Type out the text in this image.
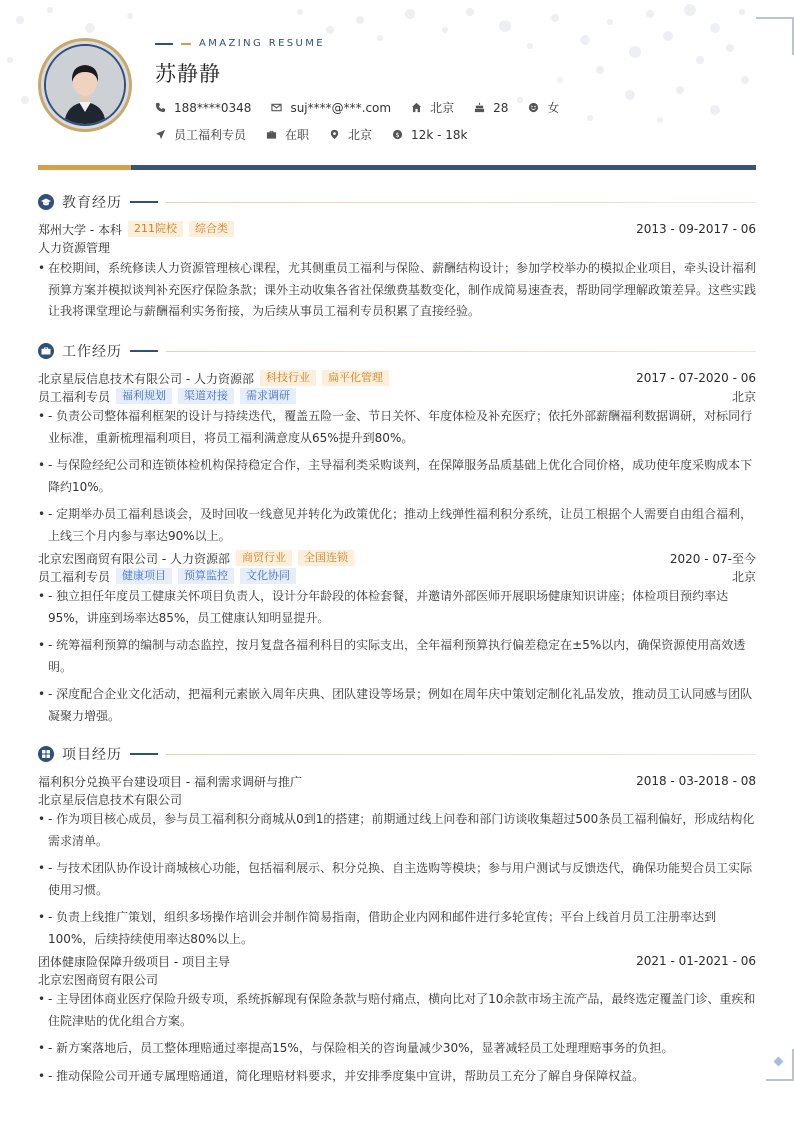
AMAZING RESUME
苏静静
188****0348	suj****@***.com	北京	28	女
员工福利专员	在职	北京	$ 12k - 18k
教育经历
郑州大学 - 本科	211院校	综合类	2013 - 09-2017 - 06
人力资源管理
• 在校期间，系统修读人力资源管理核心课程，尤其侧重员工福利与保险、薪酬结构设计；参加学校举办的模拟企业项目，牵头设计福利预算方案并模拟谈判补充医疗保险条款；课外主动收集各省社保缴费基数变化，制作成简易速查表，帮助同学理解政策差异。这些实践让我将课堂理论与薪酬福利实务衔接，为后续从事员工福利专员积累了直接经验。
工作经历
北京星辰信息技术有限公司 - 人力资源部	科技行业	扁平化管理	2017 - 07-2020 - 06
员工福利专员	福利规划	渠道对接	需求调研	北京
• - 负责公司整体福利框架的设计与持续迭代，覆盖五险一金、节日关怀、年度体检及补充医疗；依托外部薪酬福利数据调研，对标同行业标准，重新梳理福利项目，将员工福利满意度从65%提升到80%。
• - 与保险经纪公司和连锁体检机构保持稳定合作，主导福利类采购谈判，在保障服务品质基础上优化合同价格，成功使年度采购成本下降约10%。
• - 定期举办员工福利恳谈会，及时回收一线意见并转化为政策优化；推动上线弹性福利积分系统，让员工根据个人需要自由组合福利，上线三个月内参与率达90%以上。
北京宏图商贸有限公司 - 人力资源部	商贸行业	全国连锁	2020 - 07-至今
员工福利专员	健康项目	预算监控	文化协同	北京
• - 独立担任年度员工健康关怀项目负责人，设计分年龄段的体检套餐，并邀请外部医师开展职场健康知识讲座；体检项目预约率达95%，讲座到场率达85%，员工健康认知明显提升。
• - 统筹福利预算的编制与动态监控，按月复盘各福利科目的实际支出，全年福利预算执行偏差稳定在±5%以内，确保资源使用高效透明。
• - 深度配合企业文化活动，把福利元素嵌入周年庆典、团队建设等场景；例如在周年庆中策划定制化礼品发放，推动员工认同感与团队凝聚力增强。
项目经历
福利积分兑换平台建设项目 - 福利需求调研与推广	2018 - 03-2018 - 08
北京星辰信息技术有限公司
• - 作为项目核心成员，参与员工福利积分商城从0到1的搭建；前期通过线上问卷和部门访谈收集超过500条员工福利偏好，形成结构化需求清单。
• - 与技术团队协作设计商城核心功能，包括福利展示、积分兑换、自主选购等模块；参与用户测试与反馈迭代，确保功能契合员工实际使用习惯。
• - 负责上线推广策划，组织多场操作培训会并制作简易指南，借助企业内网和邮件进行多轮宣传；平台上线首月员工注册率达到100%，后续持续使用率达80%以上。
团体健康险保障升级项目 - 项目主导	2021 - 01-2021 - 06
北京宏图商贸有限公司
• - 主导团体商业医疗保险升级专项，系统拆解现有保险条款与赔付痛点，横向比对了10余款市场主流产品，最终选定覆盖门诊、重疾和住院津贴的优化组合方案。
• - 新方案落地后，员工整体理赔通过率提高15%，与保险相关的咨询量减少30%，显著减轻员工处理理赔事务的负担。
• - 推动保险公司开通专属理赔通道，简化理赔材料要求，并安排季度集中宣讲，帮助员工充分了解自身保障权益。
